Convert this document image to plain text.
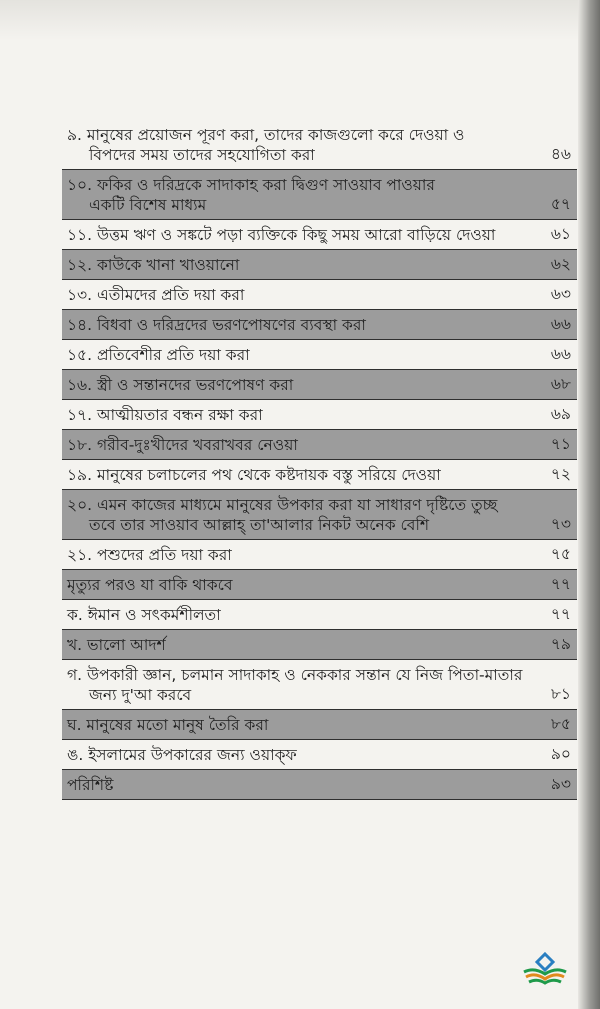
৯. মানুষের প্রয়োজন পূরণ করা, তাদের কাজগুলো করে দেওয়া ও
বিপদের সময় তাদের সহযোগিতা করা	৪৬
১০. ফকির ও দরিদ্রকে সাদাকাহ করা দ্বিগুণ সাওয়াব পাওয়ার
একটি বিশেষ মাধ্যম	৫৭
১১. উত্তম ঋণ ও সঙ্কটে পড়া ব্যক্তিকে কিছু সময় আরো বাড়িয়ে দেওয়া	৬১
১২. কাউকে খানা খাওয়ানো	৬২
১৩. এতীমদের প্রতি দয়া করা	৬৩
১৪. বিধবা ও দরিদ্রদের ভরণপোষণের ব্যবস্থা করা	৬৬
১৫. প্রতিবেশীর প্রতি দয়া করা	৬৬
১৬. স্ত্রী ও সন্তানদের ভরণপোষণ করা	৬৮
১৭. আত্মীয়তার বন্ধন রক্ষা করা	৬৯
১৮. গরীব-দুঃখীদের খবরাখবর নেওয়া	৭১
১৯. মানুষের চলাচলের পথ থেকে কষ্টদায়ক বস্তু সরিয়ে দেওয়া	৭২
২০. এমন কাজের মাধ্যমে মানুষের উপকার করা যা সাধারণ দৃষ্টিতে তুচ্ছ
তবে তার সাওয়াব আল্লাহ্ তা'আলার নিকট অনেক বেশি	৭৩
২১. পশুদের প্রতি দয়া করা	৭৫
মৃত্যুর পরও যা বাকি থাকবে	৭৭
ক. ঈমান ও সৎকর্মশীলতা	৭৭
খ. ভালো আদর্শ	৭৯
গ. উপকারী জ্ঞান, চলমান সাদাকাহ ও নেককার সন্তান যে নিজ পিতা-মাতার
জন্য দু'আ করবে	৮১
ঘ. মানুষের মতো মানুষ তৈরি করা	৮৫
ঙ. ইসলামের উপকারের জন্য ওয়াক্ফ	৯০
পরিশিষ্ট	৯৩
